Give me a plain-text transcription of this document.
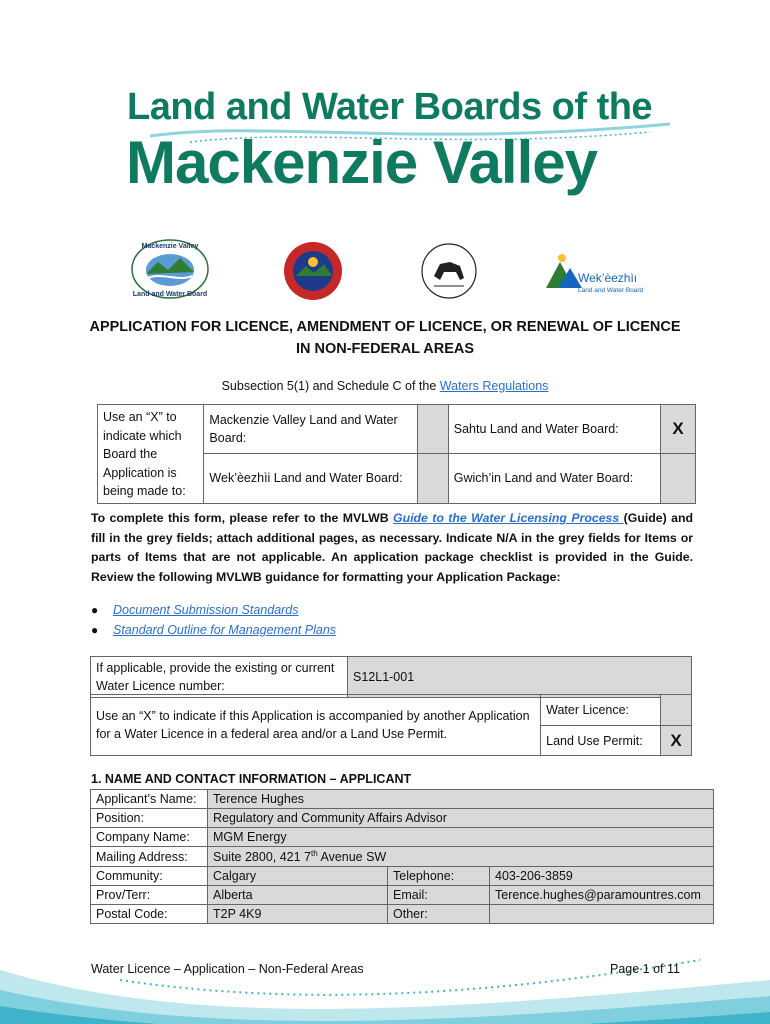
Land and Water Boards of the
Mackenzie Valley
Mackenzie Valley
Land and Water Board
Wek’èezhìı
Land and Water Board
APPLICATION FOR LICENCE, AMENDMENT OF LICENCE, OR RENEWAL OF LICENCE
IN NON-FEDERAL AREAS
Subsection 5(1) and Schedule C of the Waters Regulations
Use an “X” to indicate which Board the Application is being made to:	Mackenzie Valley Land and Water Board:		Sahtu Land and Water Board:	X
	Wek’èezhìi Land and Water Board:		Gwich’in Land and Water Board:	
To complete this form, please refer to the MVLWB Guide to the Water Licensing Process (Guide) and fill in the grey fields; attach additional pages, as necessary. Indicate N/A in the grey fields for Items or parts of Items that are not applicable. An application package checklist is provided in the Guide. Review the following MVLWB guidance for formatting your Application Package:
●	Document Submission Standards
●	Standard Outline for Management Plans
If applicable, provide the existing or current Water Licence number:	S12L1-001
Use an “X” to indicate if this Application is accompanied by another Application for a Water Licence in a federal area and/or a Land Use Permit.	Water Licence:	
	Land Use Permit:	X
1. NAME AND CONTACT INFORMATION – APPLICANT
Applicant’s Name:	Terence Hughes		
Position:	Regulatory and Community Affairs Advisor		
Company Name:	MGM Energy		
Mailing Address:	Suite 2800, 421 7th Avenue SW		
Community:	Calgary	Telephone:	403-206-3859
Prov/Terr:	Alberta	Email:	Terence.hughes@paramountres.com
Postal Code:	T2P 4K9	Other:	
Water Licence – Application – Non-Federal Areas	Page 1 of 11
